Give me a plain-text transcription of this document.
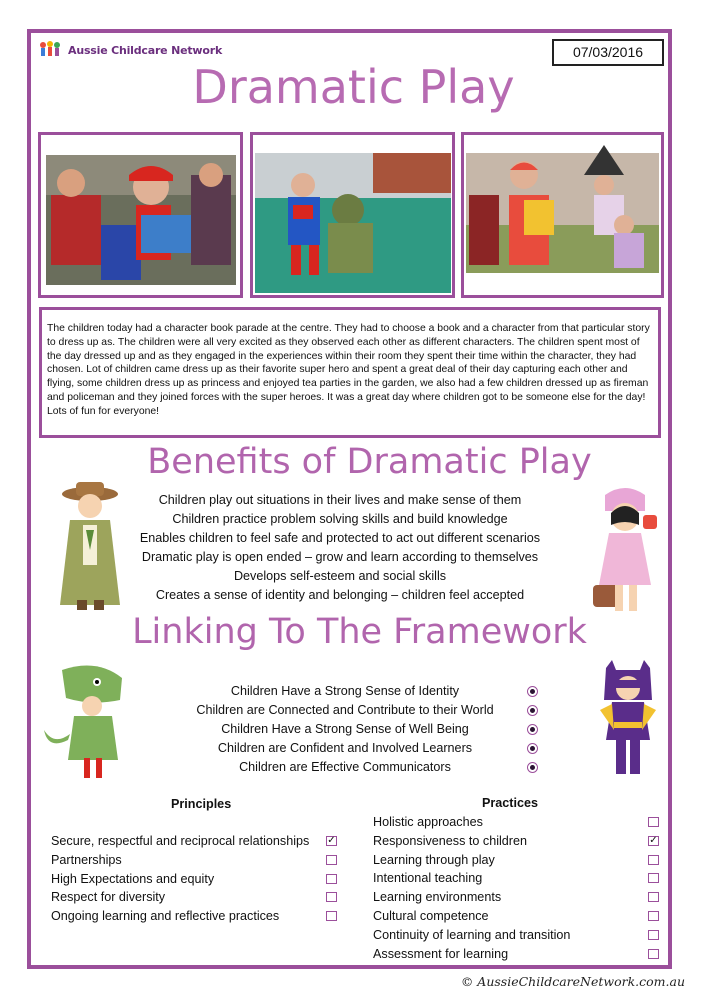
Aussie Childcare Network	07/03/2016
Dramatic Play
The children today had a character book parade at the centre. They had to choose a book and a character from that particular story to dress up as. The children were all very excited as they observed each other as different characters. The children spent most of the day dressed up and as they engaged in the experiences within their room they spent their time within the character, they had chosen. Lot of children came dress up as their favorite super hero and spent a great deal of their day capturing each other and flying, some children dress up as princess and enjoyed tea parties in the garden, we also had a few children dressed up as fireman and policeman and they joined forces with the super heroes. It was a great day where children got to be someone else for the day! Lots of fun for everyone!
Benefits of Dramatic Play
Children play out situations in their lives and make sense of them
Children practice problem solving skills and build knowledge
Enables children to feel safe and protected to act out different scenarios
Dramatic play is open ended – grow and learn according to themselves
Develops self-esteem and social skills
Creates a sense of identity and belonging – children feel accepted
Linking To The Framework
Children Have a Strong Sense of Identity
Children are Connected and Contribute to their World
Children Have a Strong Sense of Well Being
Children are Confident and Involved Learners
Children are Effective Communicators
Principles
Secure, respectful and reciprocal relationships
Partnerships
High Expectations and equity
Respect for diversity
Ongoing learning and reflective practices
✓
Practices
Holistic approaches
Responsiveness to children
Learning through play
Intentional teaching
Learning environments
Cultural competence
Continuity of learning and transition
Assessment for learning
✓
© AussieChildcareNetwork.com.au
